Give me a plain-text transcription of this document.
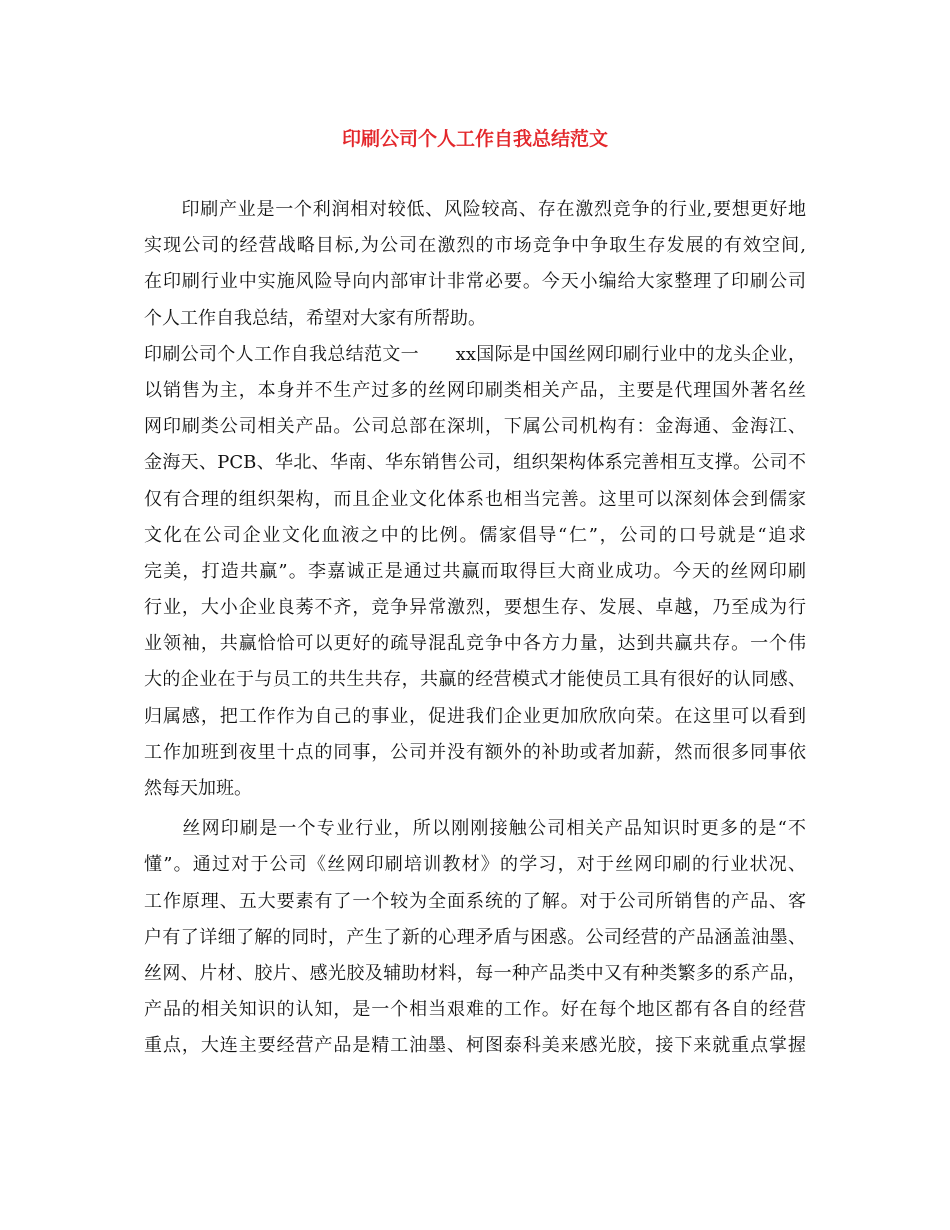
印刷公司个人工作自我总结范文
　　印刷产业是一个利润相对较低、风险较高、存在激烈竞争的行业,要想更好地
实现公司的经营战略目标,为公司在激烈的市场竞争中争取生存发展的有效空间,
在印刷行业中实施风险导向内部审计非常必要。今天小编给大家整理了印刷公司
个人工作自我总结，希望对大家有所帮助。
印刷公司个人工作自我总结范文一　　xx国际是中国丝网印刷行业中的龙头企业，
以销售为主，本身并不生产过多的丝网印刷类相关产品，主要是代理国外著名丝
网印刷类公司相关产品。公司总部在深圳，下属公司机构有：金海通、金海江、
金海天、PCB、华北、华南、华东销售公司，组织架构体系完善相互支撑。公司不
仅有合理的组织架构，而且企业文化体系也相当完善。这里可以深刻体会到儒家
文化在公司企业文化血液之中的比例。儒家倡导“仁”，公司的口号就是“追求
完美，打造共赢”。李嘉诚正是通过共赢而取得巨大商业成功。今天的丝网印刷
行业，大小企业良莠不齐，竞争异常激烈，要想生存、发展、卓越，乃至成为行
业领袖，共赢恰恰可以更好的疏导混乱竞争中各方力量，达到共赢共存。一个伟
大的企业在于与员工的共生共存，共赢的经营模式才能使员工具有很好的认同感、
归属感，把工作作为自己的事业，促进我们企业更加欣欣向荣。在这里可以看到
工作加班到夜里十点的同事，公司并没有额外的补助或者加薪，然而很多同事依
然每天加班。
　　丝网印刷是一个专业行业，所以刚刚接触公司相关产品知识时更多的是“不
懂”。通过对于公司《丝网印刷培训教材》的学习，对于丝网印刷的行业状况、
工作原理、五大要素有了一个较为全面系统的了解。对于公司所销售的产品、客
户有了详细了解的同时，产生了新的心理矛盾与困惑。公司经营的产品涵盖油墨、
丝网、片材、胶片、感光胶及辅助材料，每一种产品类中又有种类繁多的系产品，
产品的相关知识的认知，是一个相当艰难的工作。好在每个地区都有各自的经营
重点，大连主要经营产品是精工油墨、柯图泰科美来感光胶，接下来就重点掌握
